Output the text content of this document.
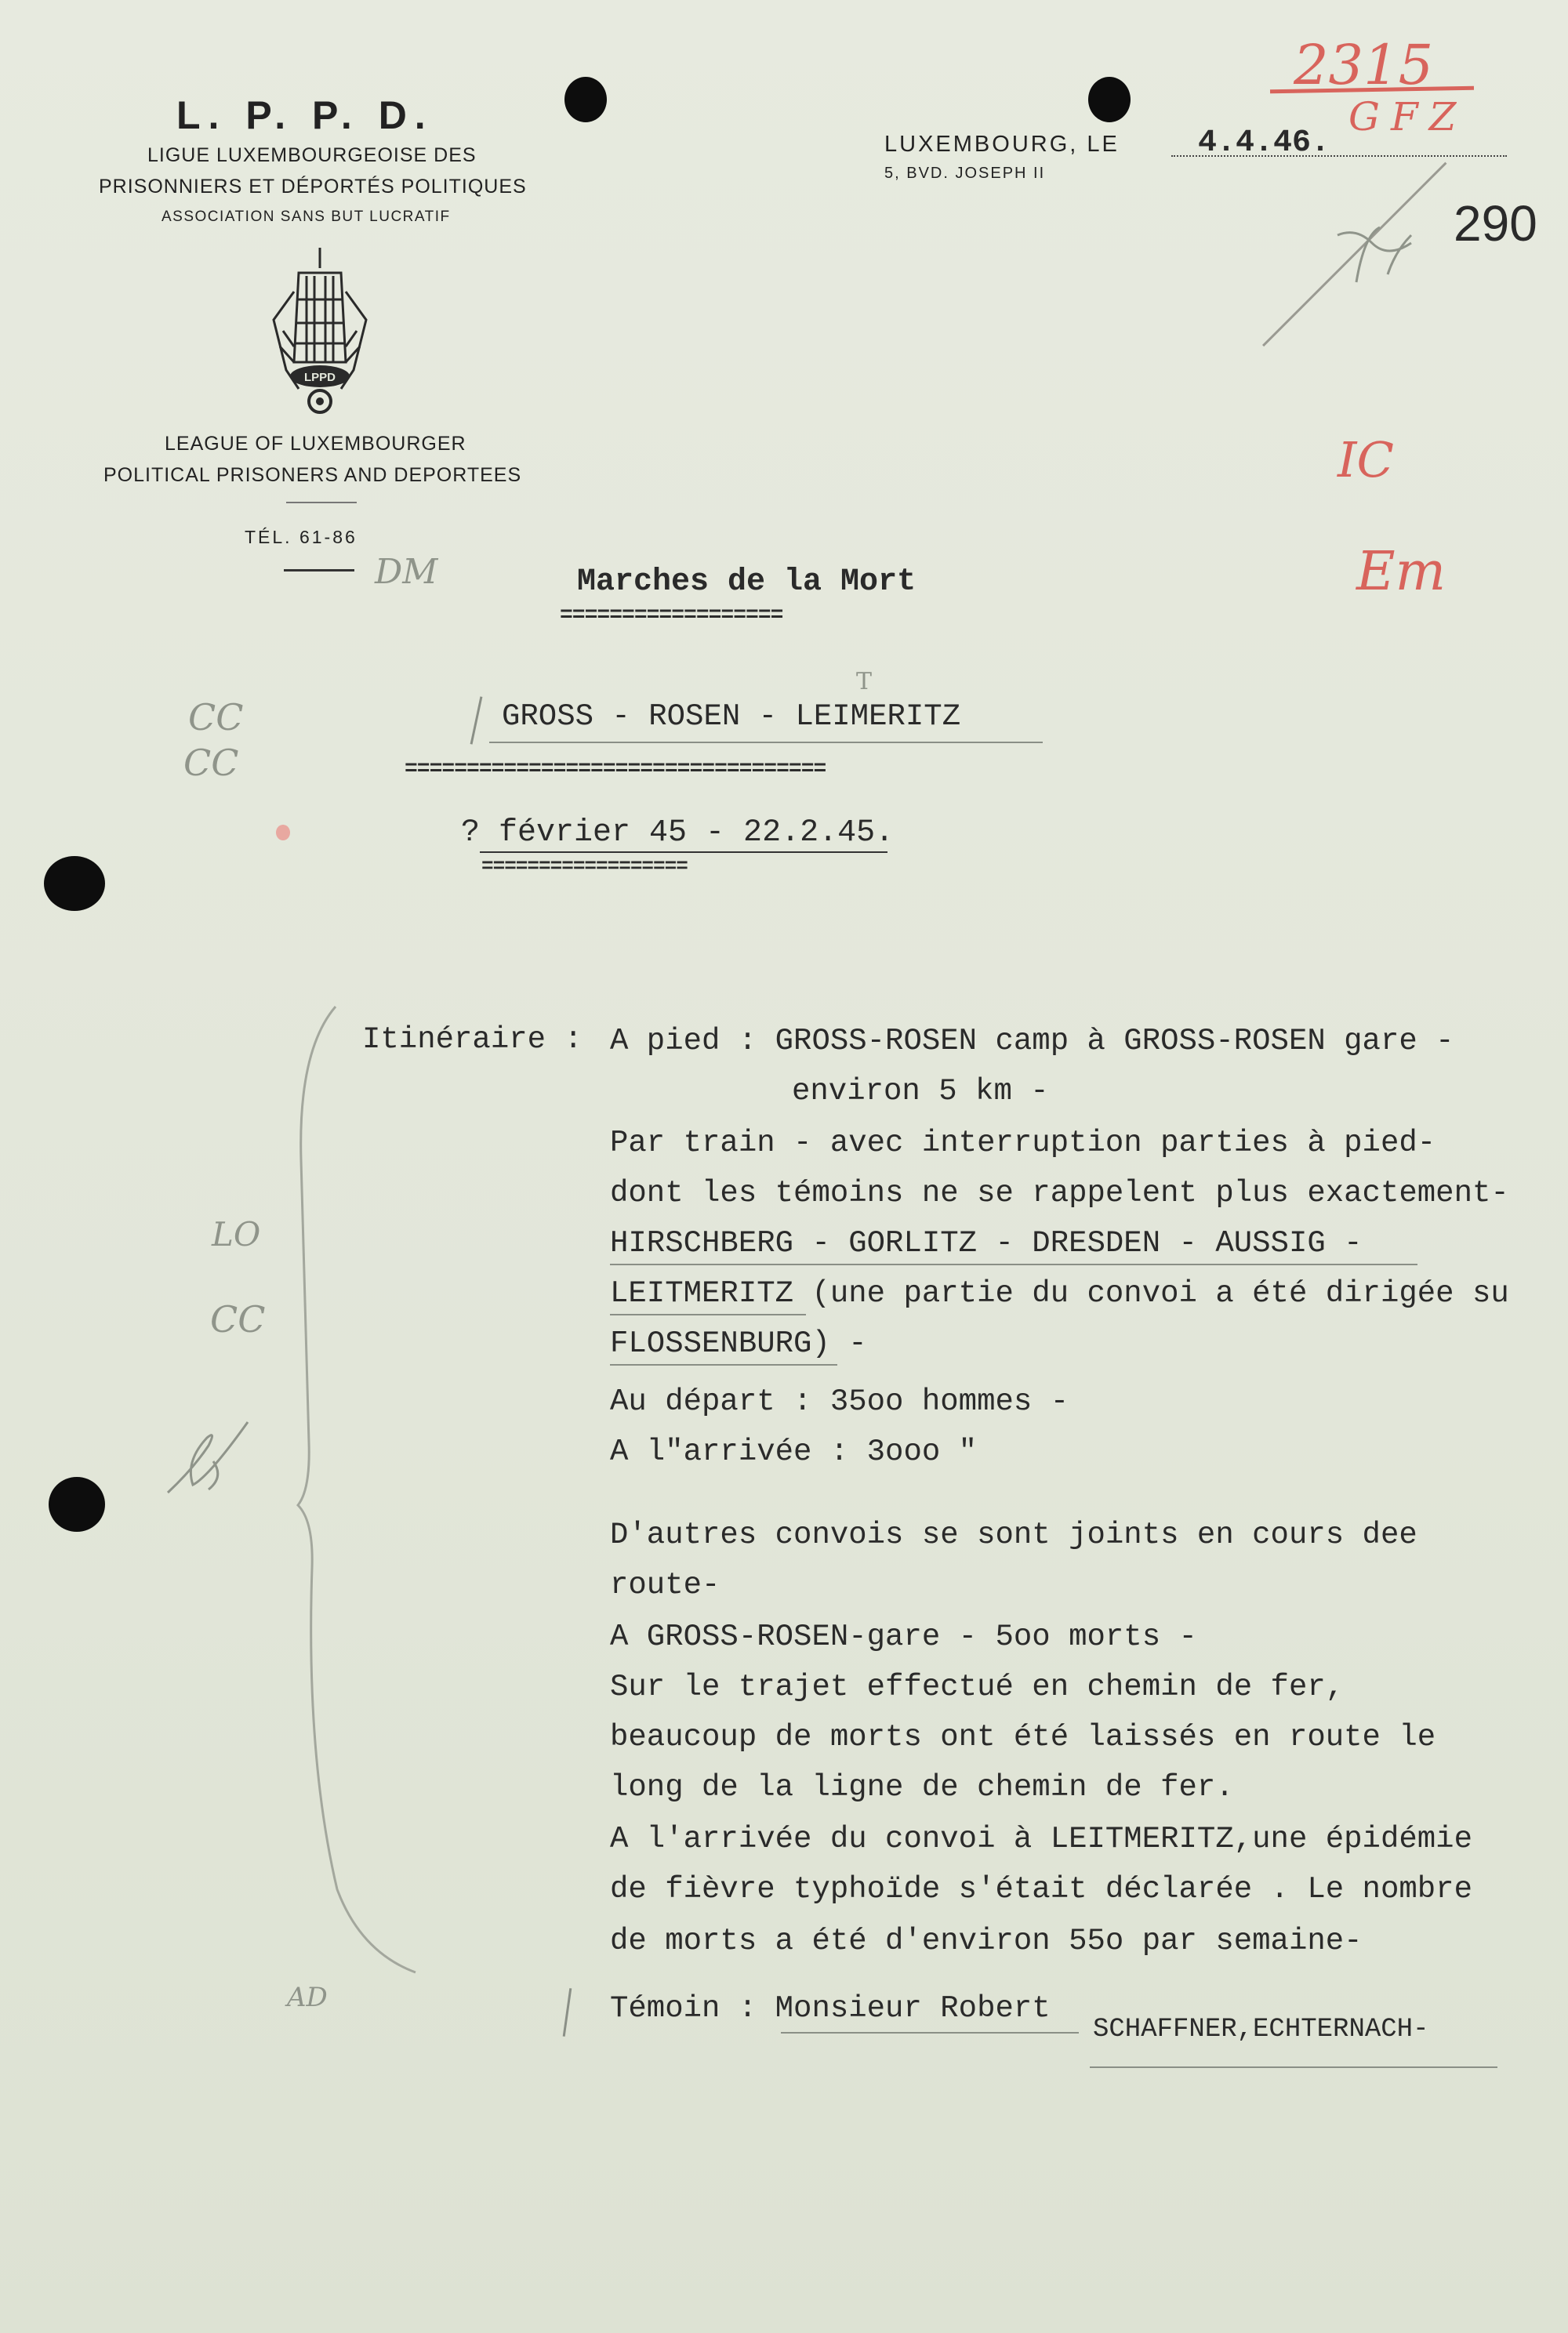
L. P. P. D.
LIGUE LUXEMBOURGEOISE DES
PRISONNIERS ET DÉPORTÉS POLITIQUES
ASSOCIATION SANS BUT LUCRATIF
LPPD
LEAGUE OF LUXEMBOURGER
POLITICAL PRISONERS AND DEPORTEES
TÉL. 61-86
DM
LUXEMBOURG, LE	4.4.46.
5, BVD. JOSEPH II
2315
GFZ
290
IC
Em
Marches de la Mort
==================
T
GROSS - ROSEN - LEIMERITZ
==================================
CC
CC
? février 45 - 22.2.45.
==================
LO
CC
AD
Itinéraire : A pied : GROSS-ROSEN camp à GROSS-ROSEN gare -
environ 5 km -
Par train - avec interruption parties à pied-
dont les témoins ne se rappelent plus exactement-
HIRSCHBERG - GORLITZ - DRESDEN - AUSSIG -
LEITMERITZ (une partie du convoi a été dirigée su
FLOSSENBURG) -
Au départ : 35oo hommes -
A l"arrivée : 3ooo "
D'autres convois se sont joints en cours dee
route-
A GROSS-ROSEN-gare - 5oo morts -
Sur le trajet effectué en chemin de fer,
beaucoup de morts ont été laissés en route le
long de la ligne de chemin de fer.
A l'arrivée du convoi à LEITMERITZ,une épidémie
de fièvre typhoïde s'était déclarée . Le nombre
de morts a été d'environ 55o par semaine-
Témoin : Monsieur Robert
SCHAFFNER,ECHTERNACH-
